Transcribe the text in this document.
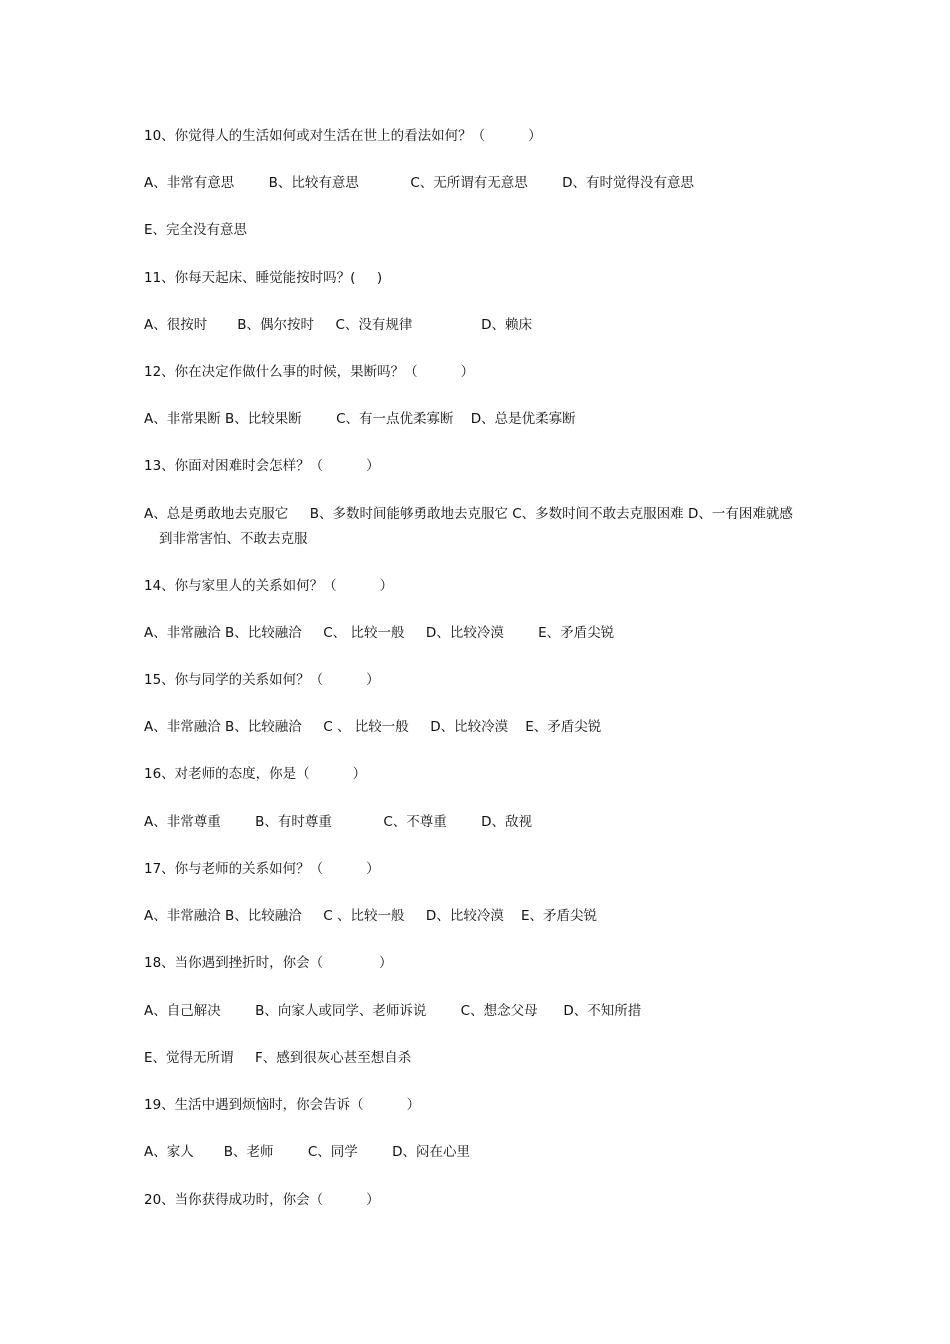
10、你觉得人的生活如何或对生活在世上的看法如何？（          ）
A、非常有意思        B、比较有意思            C、无所谓有无意思        D、有时觉得没有意思
E、完全没有意思
11、你每天起床、睡觉能按时吗？(     )
A、很按时       B、偶尔按时     C、没有规律                D、赖床
12、你在决定作做什么事的时候，果断吗？（          ）
A、非常果断 B、比较果断        C、有一点优柔寡断    D、总是优柔寡断
13、你面对困难时会怎样？（          ）
A、总是勇敢地去克服它     B、多数时间能够勇敢地去克服它 C、多数时间不敢去克服困难 D、一有困难就感
到非常害怕、不敢去克服
14、你与家里人的关系如何？（          ）
A、非常融洽 B、比较融洽     C、 比较一般     D、比较冷漠        E、矛盾尖锐
15、你与同学的关系如何？（          ）
A、非常融洽 B、比较融洽     C 、 比较一般     D、比较冷漠    E、矛盾尖锐
16、对老师的态度，你是（          ）
A、非常尊重        B、有时尊重            C、不尊重        D、敌视
17、你与老师的关系如何？（          ）
A、非常融洽 B、比较融洽     C 、比较一般     D、比较冷漠    E、矛盾尖锐
18、当你遇到挫折时，你会（             ）
A、自己解决        B、向家人或同学、老师诉说        C、想念父母      D、不知所措
E、觉得无所谓     F、感到很灰心甚至想自杀
19、生活中遇到烦恼时，你会告诉（          ）
A、家人       B、老师        C、同学        D、闷在心里
20、当你获得成功时，你会（          ）
